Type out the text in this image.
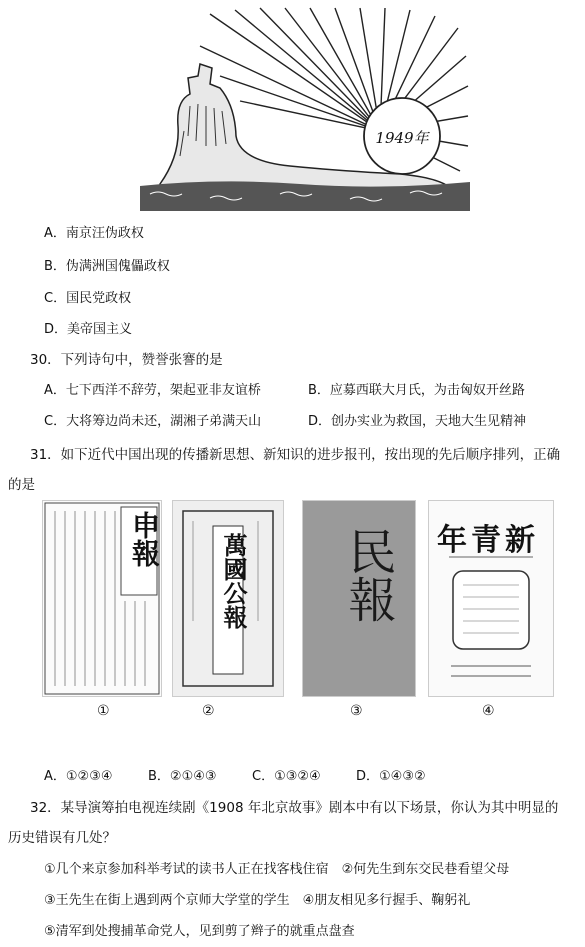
1949年
A．南京汪伪政权
B．伪满洲国傀儡政权
C．国民党政权
D．美帝国主义
30．下列诗句中，赞誉张謇的是
A．七下西洋不辞劳，架起亚非友谊桥	B．应募西联大月氏，为击匈奴开丝路
C．大将筹边尚未还，湖湘子弟满天山	D．创办实业为救国，天地大生见精神
31．如下近代中国出现的传播新思想、新知识的进步报刊，按出现的先后顺序排列，正确
的是
申報 萬國公報 民報 新青年
①	②	③	④
A．①②③④	B．②①④③	C．①③②④	D．①④③②
32．某导演筹拍电视连续剧《1908 年北京故事》剧本中有以下场景，你认为其中明显的
历史错误有几处？
①几个来京参加科举考试的读书人正在找客栈住宿　②何先生到东交民巷看望父母
③王先生在街上遇到两个京师大学堂的学生　④朋友相见多行握手、鞠躬礼
⑤清军到处搜捕革命党人，见到剪了辫子的就重点盘查
